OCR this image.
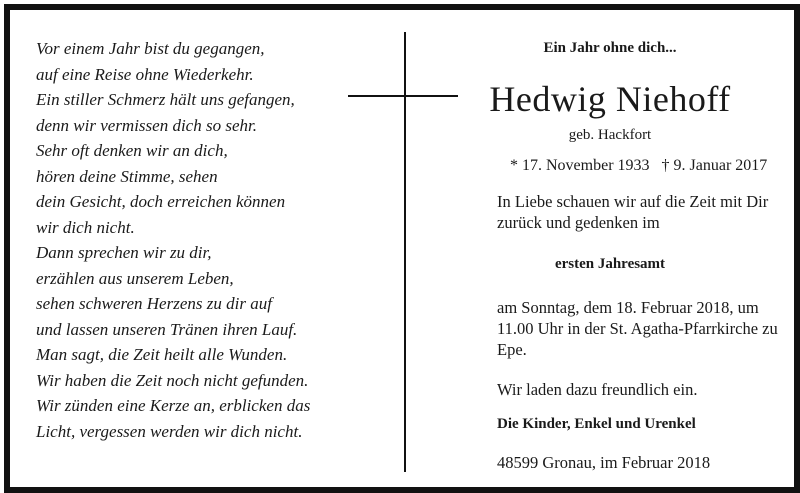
Vor einem Jahr bist du gegangen,
auf eine Reise ohne Wiederkehr.
Ein stiller Schmerz hält uns gefangen,
denn wir vermissen dich so sehr.
Sehr oft denken wir an dich,
hören deine Stimme, sehen
dein Gesicht, doch erreichen können
wir dich nicht.
Dann sprechen wir zu dir,
erzählen aus unserem Leben,
sehen schweren Herzens zu dir auf
und lassen unseren Tränen ihren Lauf.
Man sagt, die Zeit heilt alle Wunden.
Wir haben die Zeit noch nicht gefunden.
Wir zünden eine Kerze an, erblicken das
Licht, vergessen werden wir dich nicht.
Ein Jahr ohne dich...
Hedwig Niehoff
geb. Hackfort
* 17. November 1933 † 9. Januar 2017
In Liebe schauen wir auf die Zeit mit Dir zurück und gedenken im
ersten Jahresamt
am Sonntag, dem 18. Februar 2018, um 11.00 Uhr in der St. Agatha-Pfarrkirche zu Epe.
Wir laden dazu freundlich ein.
Die Kinder, Enkel und Urenkel
48599 Gronau, im Februar 2018
